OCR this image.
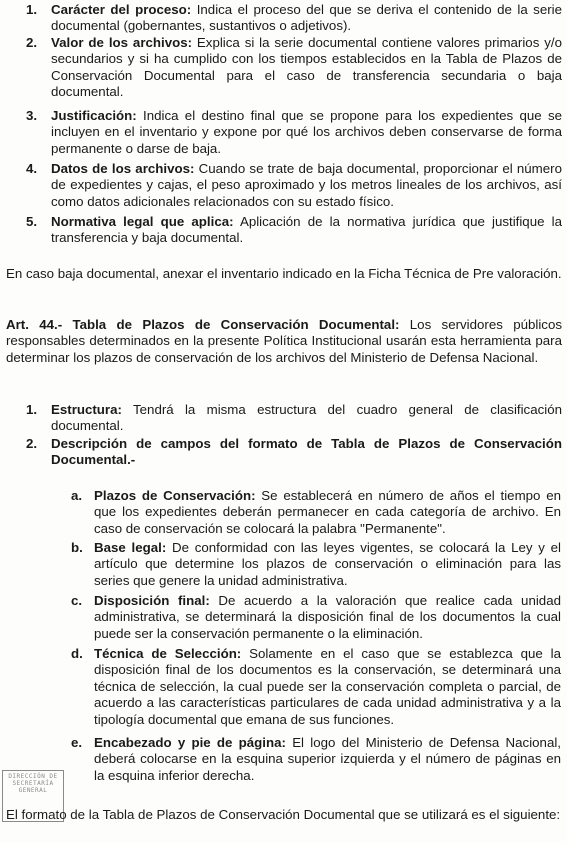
1. Carácter del proceso: Indica el proceso del que se deriva el contenido de la serie documental (gobernantes, sustantivos o adjetivos).

2. Valor de los archivos: Explica si la serie documental contiene valores primarios y/o secundarios y si ha cumplido con los tiempos establecidos en la Tabla de Plazos de Conservación Documental para el caso de transferencia secundaria o baja documental.

3. Justificación: Indica el destino final que se propone para los expedientes que se incluyen en el inventario y expone por qué los archivos deben conservarse de forma permanente o darse de baja.

4. Datos de los archivos: Cuando se trate de baja documental, proporcionar el número de expedientes y cajas, el peso aproximado y los metros lineales de los archivos, así como datos adicionales relacionados con su estado físico.

5. Normativa legal que aplica: Aplicación de la normativa jurídica que justifique la transferencia y baja documental.

En caso baja documental, anexar el inventario indicado en la Ficha Técnica de Pre valoración.

Art. 44.- Tabla de Plazos de Conservación Documental: Los servidores públicos responsables determinados en la presente Política Institucional usarán esta herramienta para determinar los plazos de conservación de los archivos del Ministerio de Defensa Nacional.

1. Estructura: Tendrá la misma estructura del cuadro general de clasificación documental.

2. Descripción de campos del formato de Tabla de Plazos de Conservación Documental.-

a. Plazos de Conservación: Se establecerá en número de años el tiempo en que los expedientes deberán permanecer en cada categoría de archivo. En caso de conservación se colocará la palabra "Permanente".

b. Base legal: De conformidad con las leyes vigentes, se colocará la Ley y el artículo que determine los plazos de conservación o eliminación para las series que genere la unidad administrativa.

c. Disposición final: De acuerdo a la valoración que realice cada unidad administrativa, se determinará la disposición final de los documentos la cual puede ser la conservación permanente o la eliminación.

d. Técnica de Selección: Solamente en el caso que se establezca que la disposición final de los documentos es la conservación, se determinará una técnica de selección, la cual puede ser la conservación completa o parcial, de acuerdo a las características particulares de cada unidad administrativa y a la tipología documental que emana de sus funciones.

e. Encabezado y pie de página: El logo del Ministerio de Defensa Nacional, deberá colocarse en la esquina superior izquierda y el número de páginas en la esquina inferior derecha.

DIRECCIÓN DE
SECRETARÍA
GENERAL

El formato de la Tabla de Plazos de Conservación Documental que se utilizará es el siguiente:
